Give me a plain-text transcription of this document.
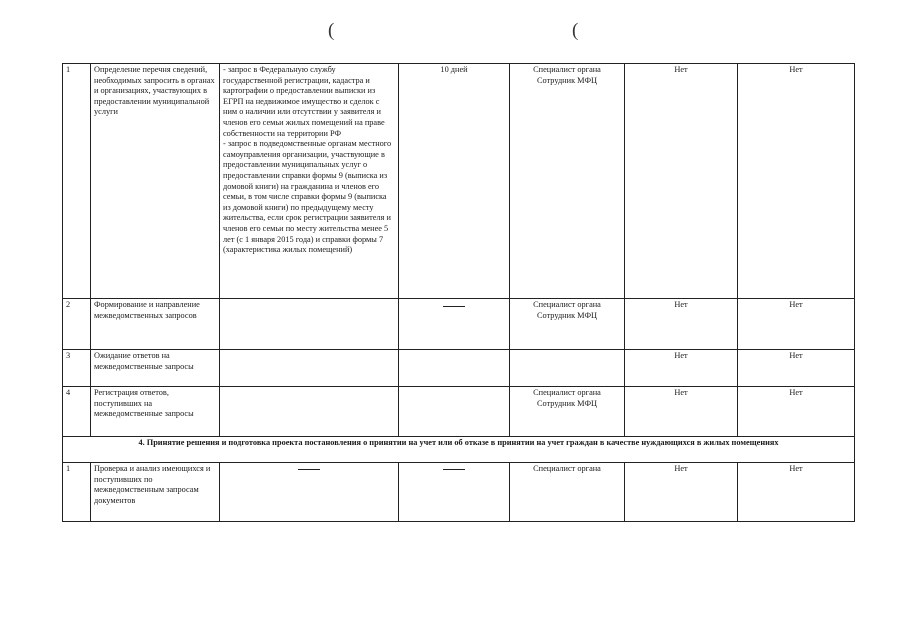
(	(
1	Определение перечня сведений, необходимых запросить в органах и организациях, участвующих в предоставлении муниципальной услуги	- запрос в Федеральную службу государственной регистрации, кадастра и картографии о предоставлении выписки из ЕГРП на недвижимое имущество и сделок с ним о наличии или отсутствии у заявителя и членов его семьи жилых помещений на праве собственности на территории РФ
- запрос в подведомственные органам местного самоуправления организации, участвующие в предоставлении муниципальных услуг о предоставлении справки формы 9 (выписка из домовой книги) на гражданина и членов его семьи, в том числе справки формы 9 (выписка из домовой книги) по предыдущему месту жительства, если срок регистрации заявителя и членов его семьи по месту жительства менее 5 лет (с 1 января 2015 года) и справки формы 7 (характеристика жилых помещений)	10 дней	Специалист органа
Сотрудник МФЦ	Нет	Нет
2	Формирование и направление межведомственных запросов			Специалист органа
Сотрудник МФЦ	Нет	Нет
3	Ожидание ответов на межведомственные запросы				Нет	Нет
4	Регистрация ответов, поступивших на межведомственные запросы			Специалист органа
Сотрудник МФЦ	Нет	Нет
4. Принятие решения и подготовка проекта постановления о принятии на учет или об отказе в принятии на учет граждан в качестве нуждающихся в жилых помещениях						
1	Проверка и анализ имеющихся и поступивших по межведомственным запросам документов			Специалист органа	Нет	Нет
